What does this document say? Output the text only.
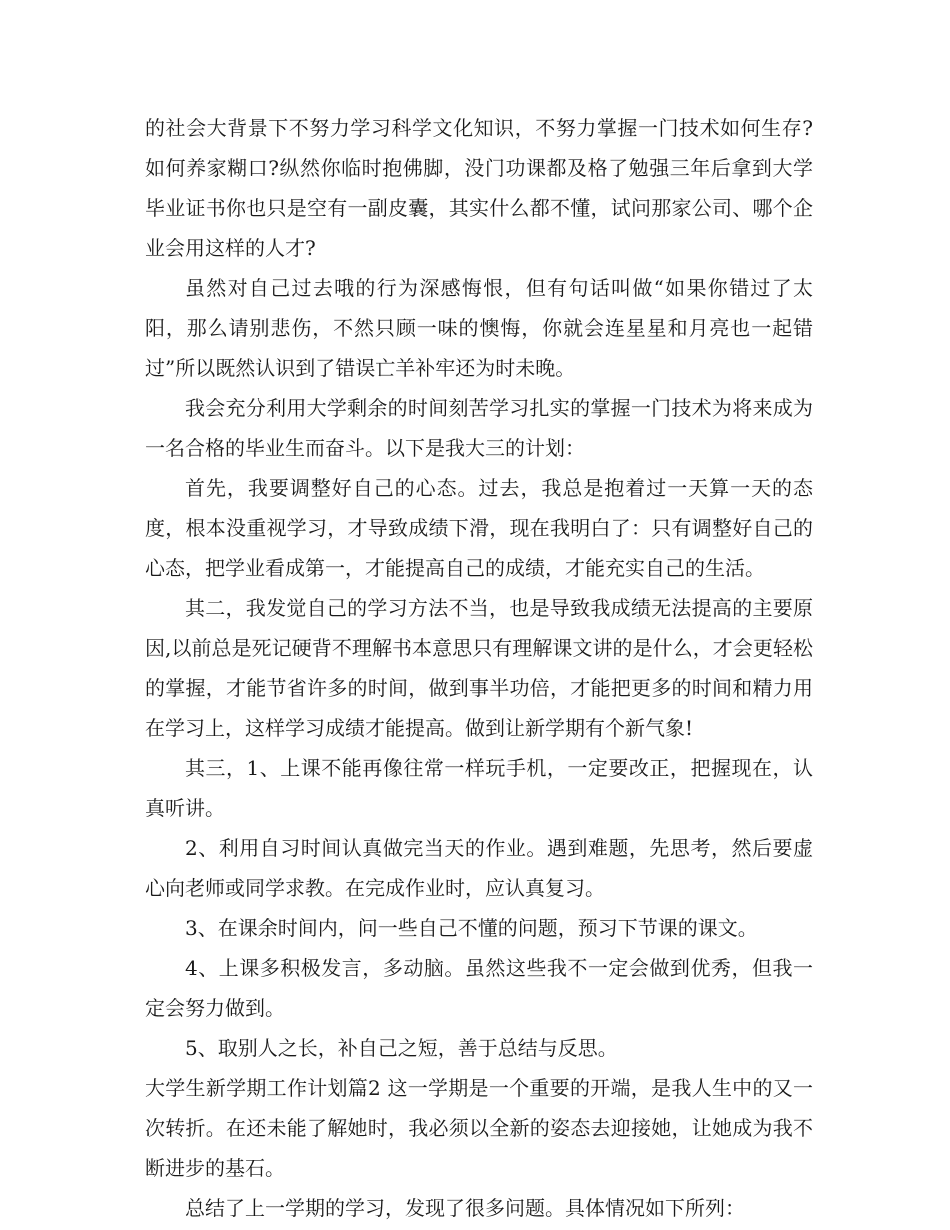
的社会大背景下不努力学习科学文化知识，不努力掌握一门技术如何生存?如何养家糊口?纵然你临时抱佛脚，没门功课都及格了勉强三年后拿到大学毕业证书你也只是空有一副皮囊，其实什么都不懂，试问那家公司、哪个企业会用这样的人才?

虽然对自己过去哦的行为深感悔恨，但有句话叫做“如果你错过了太阳，那么请别悲伤，不然只顾一味的懊悔，你就会连星星和月亮也一起错过”所以既然认识到了错误亡羊补牢还为时未晚。

我会充分利用大学剩余的时间刻苦学习扎实的掌握一门技术为将来成为一名合格的毕业生而奋斗。以下是我大三的计划：

首先，我要调整好自己的心态。过去，我总是抱着过一天算一天的态度，根本没重视学习，才导致成绩下滑，现在我明白了：只有调整好自己的心态，把学业看成第一，才能提高自己的成绩，才能充实自己的生活。

其二，我发觉自己的学习方法不当，也是导致我成绩无法提高的主要原因,以前总是死记硬背不理解书本意思只有理解课文讲的是什么，才会更轻松的掌握，才能节省许多的时间，做到事半功倍，才能把更多的时间和精力用在学习上，这样学习成绩才能提高。做到让新学期有个新气象!

其三，1、上课不能再像往常一样玩手机，一定要改正，把握现在，认真听讲。

2、利用自习时间认真做完当天的作业。遇到难题，先思考，然后要虚心向老师或同学求教。在完成作业时，应认真复习。

3、在课余时间内，问一些自己不懂的问题，预习下节课的课文。

4、上课多积极发言，多动脑。虽然这些我不一定会做到优秀，但我一定会努力做到。

5、取别人之长，补自己之短，善于总结与反思。

大学生新学期工作计划篇2 这一学期是一个重要的开端，是我人生中的又一次转折。在还未能了解她时，我必须以全新的姿态去迎接她，让她成为我不断进步的基石。

总结了上一学期的学习，发现了很多问题。具体情况如下所列：
